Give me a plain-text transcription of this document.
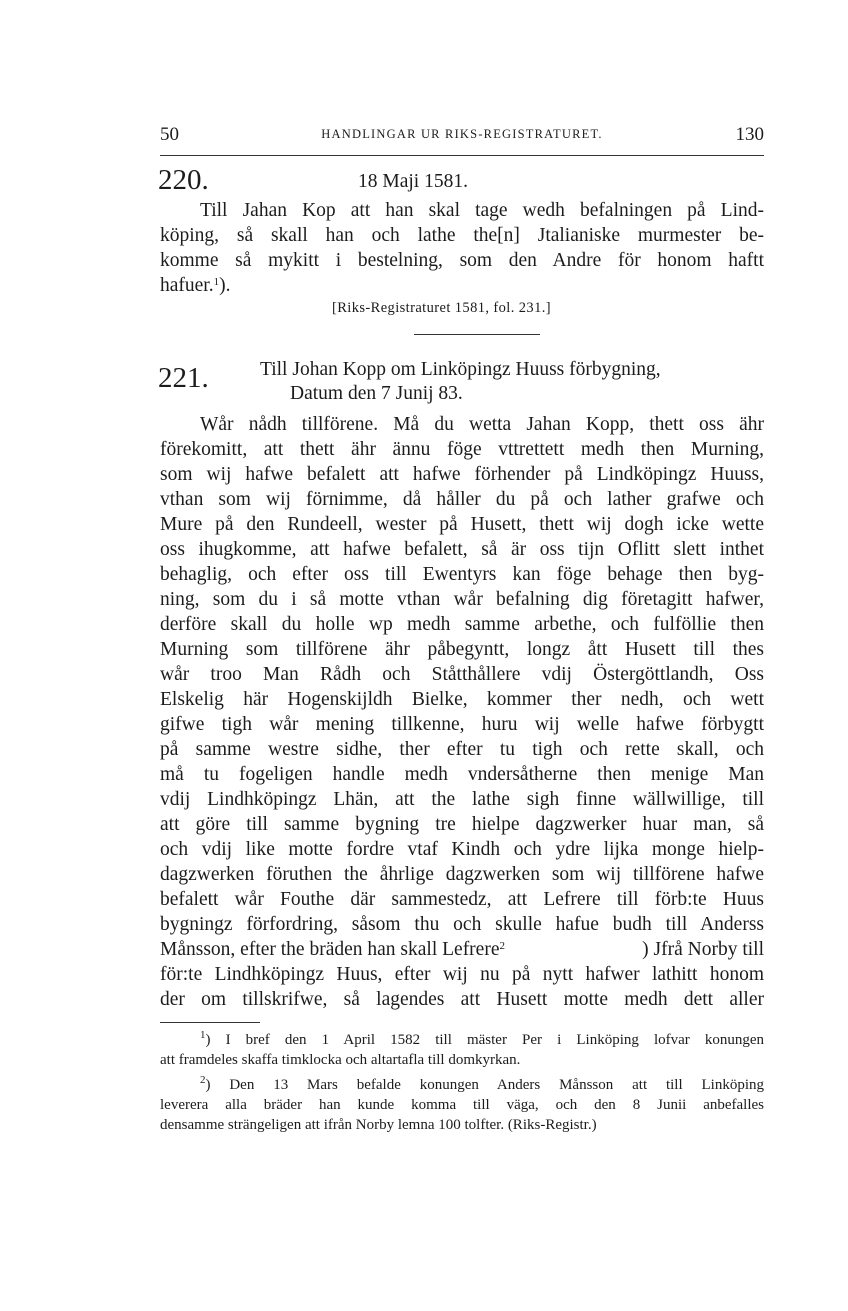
50	HANDLINGAR UR RIKS-REGISTRATURET.	130
220.	18 Maji 1581.
Till Jahan Kop att han skal tage wedh befalningen på Lind-
köping, så skall han och lathe the[n] Jtalianiske murmester be-
komme så mykitt i bestelning, som den Andre för honom haftt
hafuer.$^1$).
[Riks-Registraturet 1581, fol. 231.]
221.	Till Johan Kopp om Linköpingz Huuss förbygning,
Datum den 7 Junij 83.
Wår nådh tillförene. Må du wetta Jahan Kopp, thett oss ähr
förekomitt, att thett ähr ännu föge vttrettett medh then Murning,
som wij hafwe befalett att hafwe förhender på Lindköpingz Huuss,
vthan som wij förnimme, då håller du på och lather grafwe och
Mure på den Rundeell, wester på Husett, thett wij dogh icke wette
oss ihugkomme, att hafwe befalett, så är oss tijn Oflitt slett inthet
behaglig, och efter oss till Ewentyrs kan föge behage then byg-
ning, som du i så motte vthan wår befalning dig företagitt hafwer,
derföre skall du holle wp medh samme arbethe, och fulföllie then
Murning som tillförene ähr påbegyntt, longz ått Husett till thes
wår troo Man Rådh och Ståtthållere vdij Östergöttlandh, Oss
Elskelig här Hogenskijldh Bielke, kommer ther nedh, och wett
gifwe tigh wår mening tillkenne, huru wij welle hafwe förbygtt
på samme westre sidhe, ther efter tu tigh och rette skall, och
må tu fogeligen handle medh vndersåtherne then menige Man
vdij Lindhköpingz Lhän, att the lathe sigh finne wällwillige, till
att göre till samme bygning tre hielpe dagzwerker huar man, så
och vdij like motte fordre vtaf Kindh och ydre lijka monge hielp-
dagzwerken föruthen the åhrlige dagzwerken som wij tillförene hafwe
befalett wår Fouthe där sammestedz, att Lefrere till förb:te Huus
bygningz förfordring, såsom thu och skulle hafue budh till Anderss
Månsson, efter the bräden han skall Lefrere$^2$	) Jfrå Norby till
för:te Lindhköpingz Huus, efter wij nu på nytt hafwer lathitt honom
der om tillskrifwe, så lagendes att Husett motte medh dett aller
$^1$) I bref den 1 April 1582 till mäster Per i Linköping lofvar konungen
att framdeles skaffa timklocka och altartafla till domkyrkan.
$^2$) Den 13 Mars befalde konungen Anders Månsson att till Linköping
leverera alla bräder han kunde komma till väga, och den 8 Junii anbefalles
densamme strängeligen att ifrån Norby lemna 100 tolfter. (Riks-Registr.)
